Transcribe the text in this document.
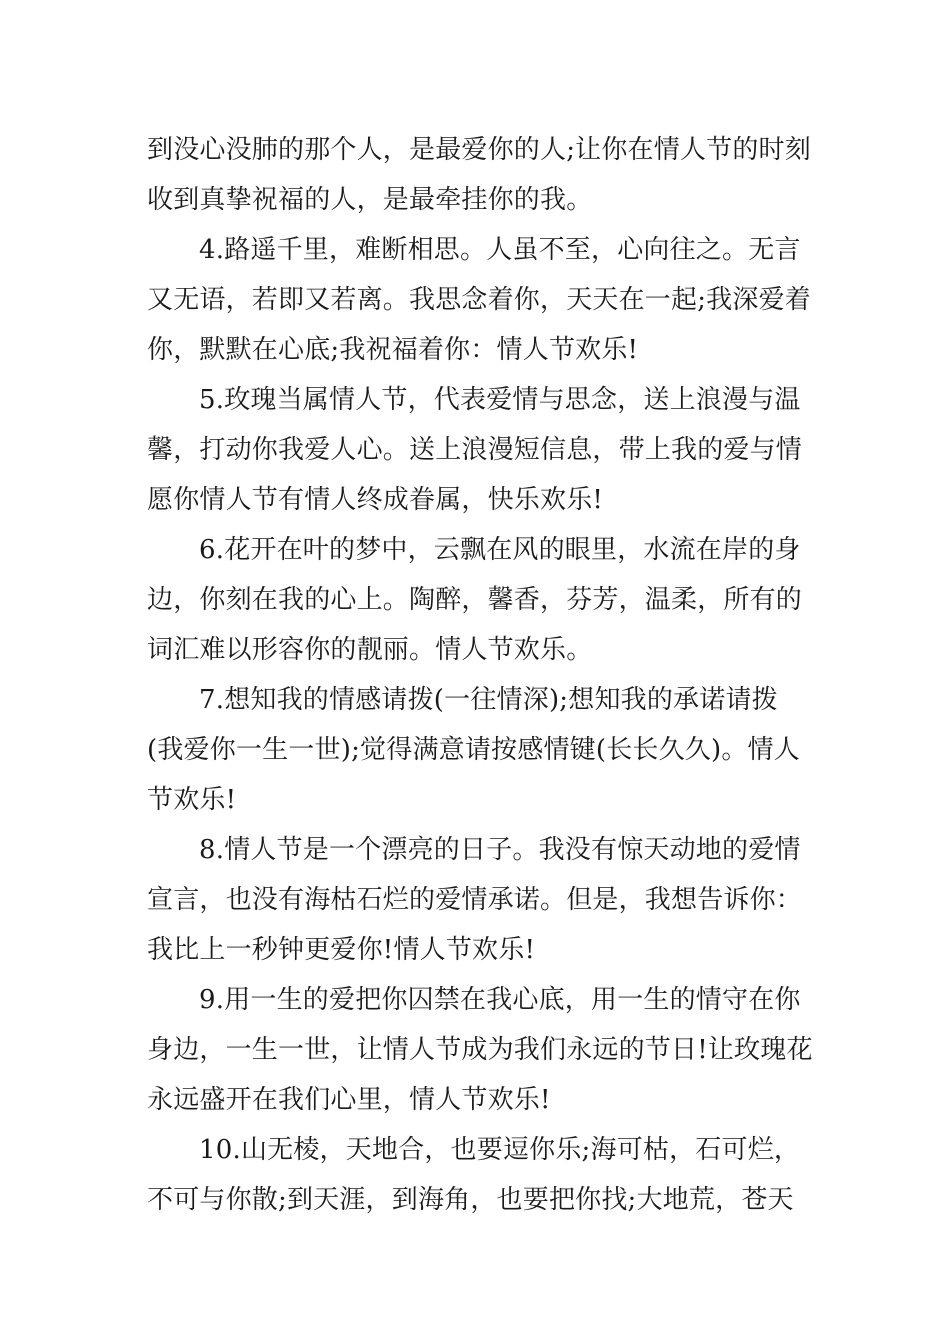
到没心没肺的那个人，是最爱你的人;让你在情人节的时刻
收到真挚祝福的人，是最牵挂你的我。
4.路遥千里，难断相思。人虽不至，心向往之。无言
又无语，若即又若离。我思念着你，天天在一起;我深爱着
你，默默在心底;我祝福着你：情人节欢乐!
5.玫瑰当属情人节，代表爱情与思念，送上浪漫与温
馨，打动你我爱人心。送上浪漫短信息，带上我的爱与情
愿你情人节有情人终成眷属，快乐欢乐!
6.花开在叶的梦中，云飘在风的眼里，水流在岸的身
边，你刻在我的心上。陶醉，馨香，芬芳，温柔，所有的
词汇难以形容你的靓丽。情人节欢乐。
7.想知我的情感请拨(一往情深);想知我的承诺请拨
(我爱你一生一世);觉得满意请按感情键(长长久久)。情人
节欢乐!
8.情人节是一个漂亮的日子。我没有惊天动地的爱情
宣言，也没有海枯石烂的爱情承诺。但是，我想告诉你：
我比上一秒钟更爱你!情人节欢乐!
9.用一生的爱把你囚禁在我心底，用一生的情守在你
身边，一生一世，让情人节成为我们永远的节日!让玫瑰花
永远盛开在我们心里，情人节欢乐!
10.山无棱，天地合，也要逗你乐;海可枯，石可烂，
不可与你散;到天涯，到海角，也要把你找;大地荒，苍天
